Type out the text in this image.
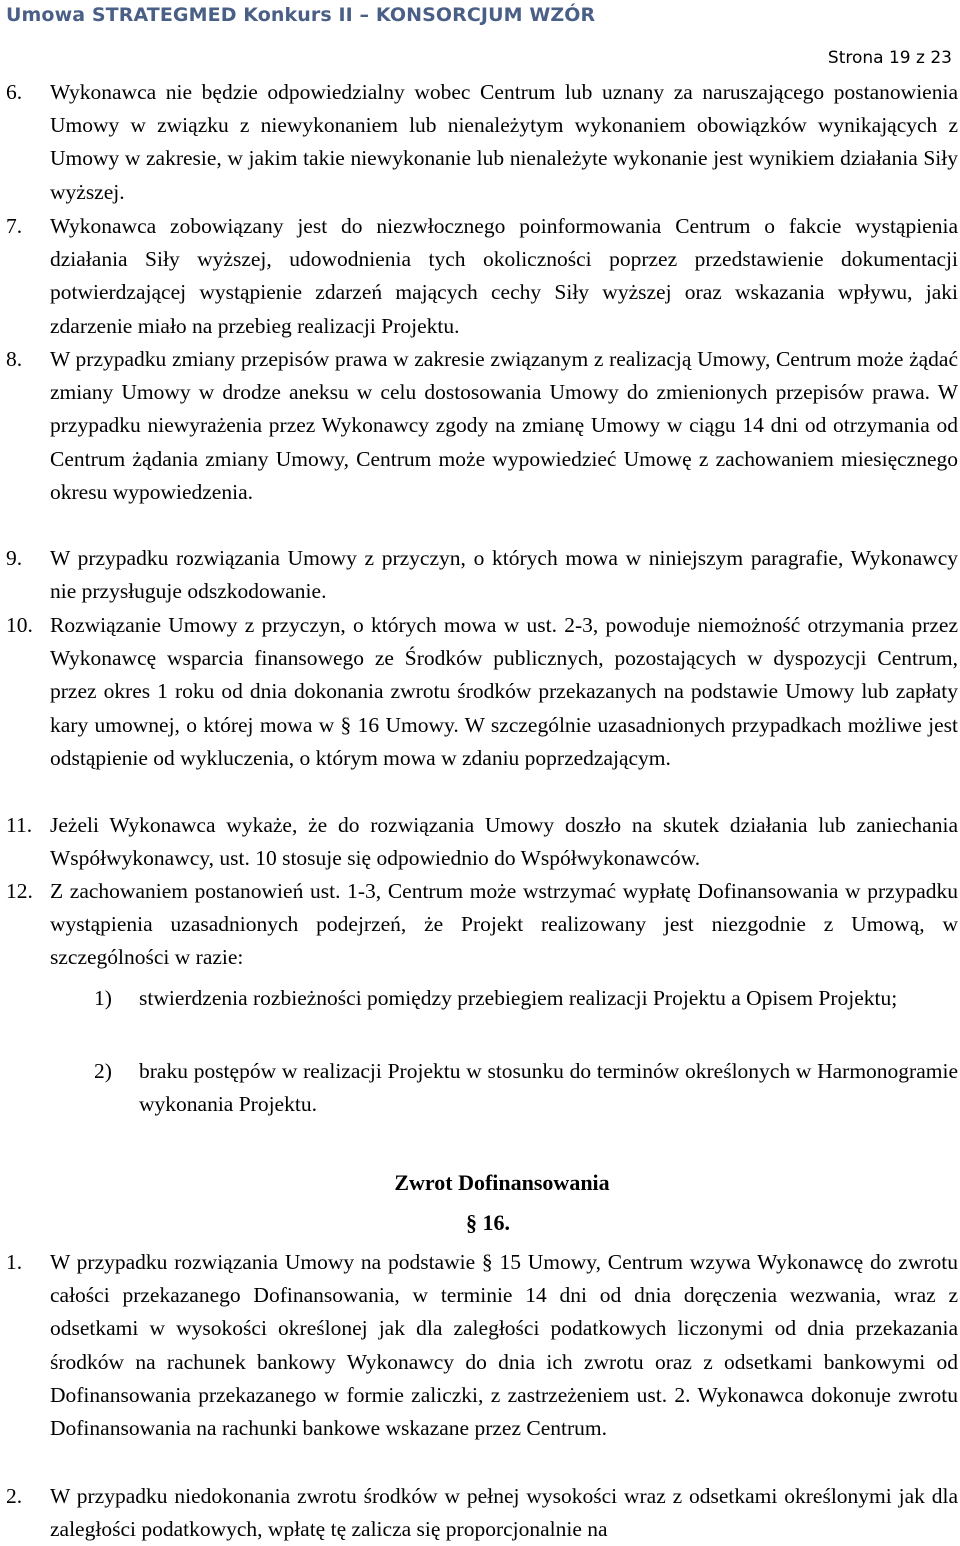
Umowa STRATEGMED Konkurs II – KONSORCJUM WZÓR
Strona 19 z 23
6. Wykonawca nie będzie odpowiedzialny wobec Centrum lub uznany za naruszającego postanowienia Umowy w związku z niewykonaniem lub nienależytym wykonaniem obowiązków wynikających z Umowy w zakresie, w jakim takie niewykonanie lub nienależyte wykonanie jest wynikiem działania Siły wyższej.
7. Wykonawca zobowiązany jest do niezwłocznego poinformowania Centrum o fakcie wystąpienia działania Siły wyższej, udowodnienia tych okoliczności poprzez przedstawienie dokumentacji potwierdzającej wystąpienie zdarzeń mających cechy Siły wyższej oraz wskazania wpływu, jaki zdarzenie miało na przebieg realizacji Projektu.
8. W przypadku zmiany przepisów prawa w zakresie związanym z realizacją Umowy, Centrum może żądać zmiany Umowy w drodze aneksu w celu dostosowania Umowy do zmienionych przepisów prawa. W przypadku niewyrażenia przez Wykonawcy zgody na zmianę Umowy w ciągu 14 dni od otrzymania od Centrum żądania zmiany Umowy, Centrum może wypowiedzieć Umowę z zachowaniem miesięcznego okresu wypowiedzenia.
9. W przypadku rozwiązania Umowy z przyczyn, o których mowa w niniejszym paragrafie, Wykonawcy nie przysługuje odszkodowanie.
10. Rozwiązanie Umowy z przyczyn, o których mowa w ust. 2-3, powoduje niemożność otrzymania przez Wykonawcę wsparcia finansowego ze Środków publicznych, pozostających w dyspozycji Centrum, przez okres 1 roku od dnia dokonania zwrotu środków przekazanych na podstawie Umowy lub zapłaty kary umownej, o której mowa w § 16 Umowy. W szczególnie uzasadnionych przypadkach możliwe jest odstąpienie od wykluczenia, o którym mowa w zdaniu poprzedzającym.
11. Jeżeli Wykonawca wykaże, że do rozwiązania Umowy doszło na skutek działania lub zaniechania Współwykonawcy, ust. 10 stosuje się odpowiednio do Współwykonawców.
12. Z zachowaniem postanowień ust. 1-3, Centrum może wstrzymać wypłatę Dofinansowania w przypadku wystąpienia uzasadnionych podejrzeń, że Projekt realizowany jest niezgodnie z Umową, w szczególności w razie:
1) stwierdzenia rozbieżności pomiędzy przebiegiem realizacji Projektu a Opisem Projektu;
2) braku postępów w realizacji Projektu w stosunku do terminów określonych w Harmonogramie wykonania Projektu.
Zwrot Dofinansowania
§ 16.
1. W przypadku rozwiązania Umowy na podstawie § 15 Umowy, Centrum wzywa Wykonawcę do zwrotu całości przekazanego Dofinansowania, w terminie 14 dni od dnia doręczenia wezwania, wraz z odsetkami w wysokości określonej jak dla zaległości podatkowych liczonymi od dnia przekazania środków na rachunek bankowy Wykonawcy do dnia ich zwrotu oraz z odsetkami bankowymi od Dofinansowania przekazanego w formie zaliczki, z zastrzeżeniem ust. 2. Wykonawca dokonuje zwrotu Dofinansowania na rachunki bankowe wskazane przez Centrum.
2. W przypadku niedokonania zwrotu środków w pełnej wysokości wraz z odsetkami określonymi jak dla zaległości podatkowych, wpłatę tę zalicza się proporcjonalnie na
